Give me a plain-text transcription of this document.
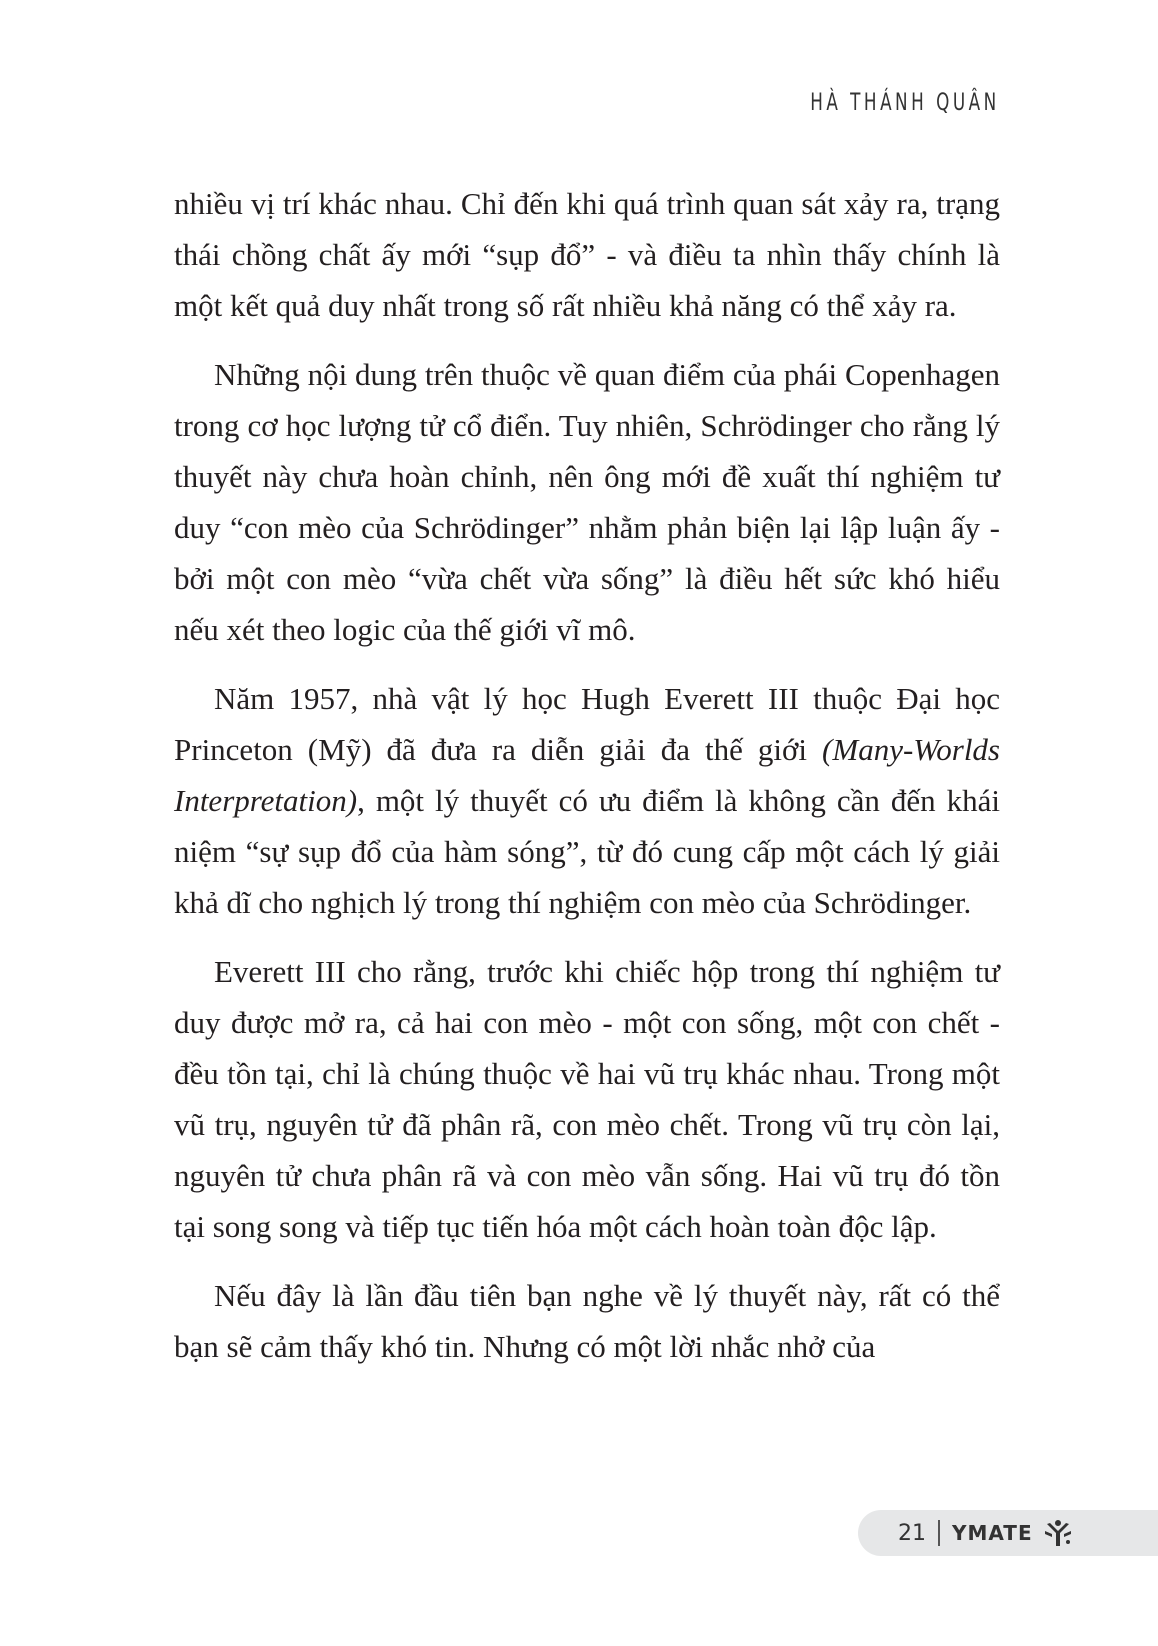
HÀ THÁNH QUÂN

nhiều vị trí khác nhau. Chỉ đến khi quá trình quan sát xảy ra, trạng thái chồng chất ấy mới “sụp đổ” - và điều ta nhìn thấy chính là một kết quả duy nhất trong số rất nhiều khả năng có thể xảy ra.

Những nội dung trên thuộc về quan điểm của phái Copenhagen trong cơ học lượng tử cổ điển. Tuy nhiên, Schrödinger cho rằng lý thuyết này chưa hoàn chỉnh, nên ông mới đề xuất thí nghiệm tư duy “con mèo của Schrödinger” nhằm phản biện lại lập luận ấy - bởi một con mèo “vừa chết vừa sống” là điều hết sức khó hiểu nếu xét theo logic của thế giới vĩ mô.

Năm 1957, nhà vật lý học Hugh Everett III thuộc Đại học Princeton (Mỹ) đã đưa ra diễn giải đa thế giới (Many-Worlds Interpretation), một lý thuyết có ưu điểm là không cần đến khái niệm “sự sụp đổ của hàm sóng”, từ đó cung cấp một cách lý giải khả dĩ cho nghịch lý trong thí nghiệm con mèo của Schrödinger.

Everett III cho rằng, trước khi chiếc hộp trong thí nghiệm tư duy được mở ra, cả hai con mèo - một con sống, một con chết - đều tồn tại, chỉ là chúng thuộc về hai vũ trụ khác nhau. Trong một vũ trụ, nguyên tử đã phân rã, con mèo chết. Trong vũ trụ còn lại, nguyên tử chưa phân rã và con mèo vẫn sống. Hai vũ trụ đó tồn tại song song và tiếp tục tiến hóa một cách hoàn toàn độc lập.

Nếu đây là lần đầu tiên bạn nghe về lý thuyết này, rất có thể bạn sẽ cảm thấy khó tin. Nhưng có một lời nhắc nhở của

21 YMATE
